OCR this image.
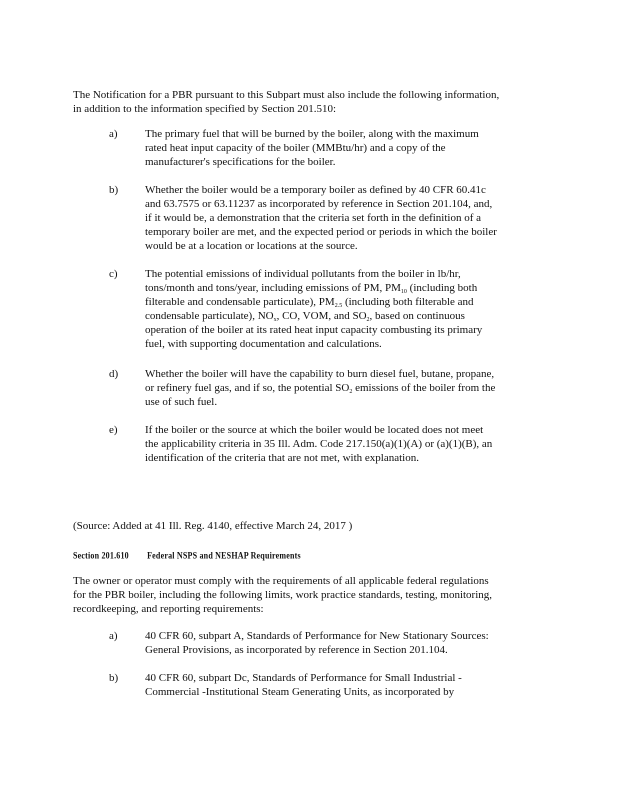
The Notification for a PBR pursuant to this Subpart must also include the following information, in addition to the information specified by Section 201.510:
a) The primary fuel that will be burned by the boiler, along with the maximum rated heat input capacity of the boiler (MMBtu/hr) and a copy of the manufacturer's specifications for the boiler.
b) Whether the boiler would be a temporary boiler as defined by 40 CFR 60.41c and 63.7575 or 63.11237 as incorporated by reference in Section 201.104, and, if it would be, a demonstration that the criteria set forth in the definition of a temporary boiler are met, and the expected period or periods in which the boiler would be at a location or locations at the source.
c) The potential emissions of individual pollutants from the boiler in lb/hr, tons/month and tons/year, including emissions of PM, $PM_{10}$ (including both filterable and condensable particulate), $PM_{2.5}$ (including both filterable and condensable particulate), $NO_x$, CO, VOM, and $SO_2$, based on continuous operation of the boiler at its rated heat input capacity combusting its primary fuel, with supporting documentation and calculations.
d) Whether the boiler will have the capability to burn diesel fuel, butane, propane, or refinery fuel gas, and if so, the potential $SO_2$ emissions of the boiler from the use of such fuel.
e) If the boiler or the source at which the boiler would be located does not meet the applicability criteria in 35 Ill. Adm. Code 217.150(a)(1)(A) or (a)(1)(B), an identification of the criteria that are not met, with explanation.
(Source: Added at 41 Ill. Reg. 4140, effective March 24, 2017 )
Section 201.610 Federal NSPS and NESHAP Requirements
The owner or operator must comply with the requirements of all applicable federal regulations for the PBR boiler, including the following limits, work practice standards, testing, monitoring, recordkeeping, and reporting requirements:
a) 40 CFR 60, subpart A, Standards of Performance for New Stationary Sources: General Provisions, as incorporated by reference in Section 201.104.
b) 40 CFR 60, subpart Dc, Standards of Performance for Small Industrial - Commercial -Institutional Steam Generating Units, as incorporated by
